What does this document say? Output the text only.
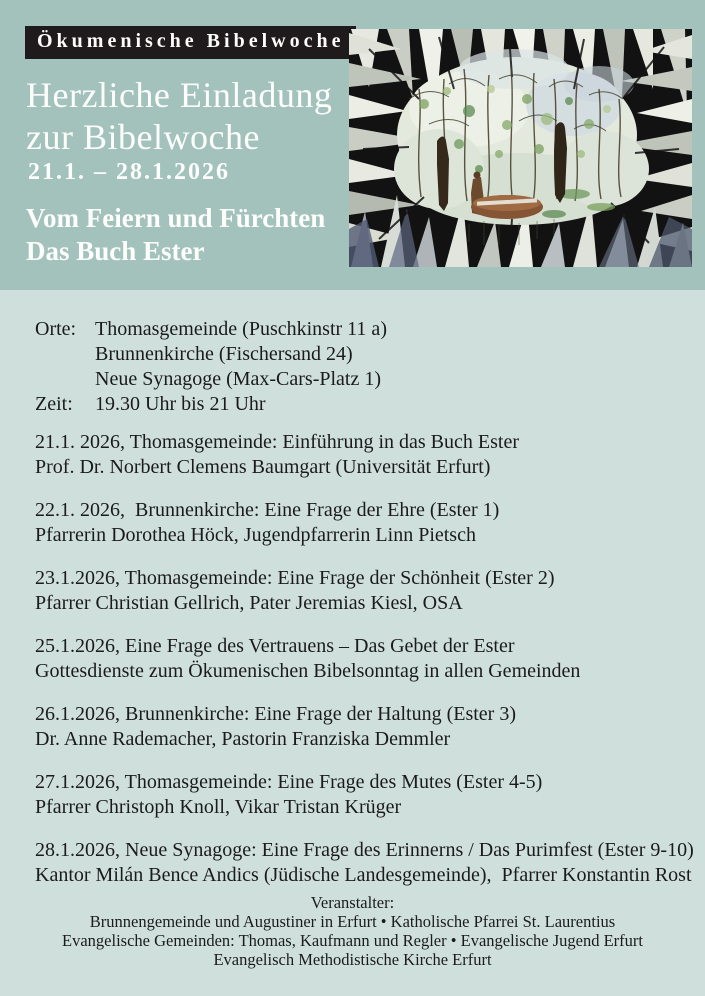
Ökumenische Bibelwoche
Herzliche Einladung
zur Bibelwoche
21.1. – 28.1.2026
Vom Feiern und Fürchten
Das Buch Ester
Orte: Thomasgemeinde (Puschkinstr 11 a)
Brunnenkirche (Fischersand 24)
Neue Synagoge (Max-Cars-Platz 1)
Zeit:	19.30 Uhr bis 21 Uhr
21.1. 2026, Thomasgemeinde: Einführung in das Buch Ester
Prof. Dr. Norbert Clemens Baumgart (Universität Erfurt)
22.1. 2026,  Brunnenkirche: Eine Frage der Ehre (Ester 1)
Pfarrerin Dorothea Höck, Jugendpfarrerin Linn Pietsch
23.1.2026, Thomasgemeinde: Eine Frage der Schönheit (Ester 2)
Pfarrer Christian Gellrich, Pater Jeremias Kiesl, OSA
25.1.2026, Eine Frage des Vertrauens – Das Gebet der Ester
Gottesdienste zum Ökumenischen Bibelsonntag in allen Gemeinden
26.1.2026, Brunnenkirche: Eine Frage der Haltung (Ester 3)
Dr. Anne Rademacher, Pastorin Franziska Demmler
27.1.2026, Thomasgemeinde: Eine Frage des Mutes (Ester 4-5)
Pfarrer Christoph Knoll, Vikar Tristan Krüger
28.1.2026, Neue Synagoge: Eine Frage des Erinnerns / Das Purimfest (Ester 9-10)
Kantor Milán Bence Andics (Jüdische Landesgemeinde),  Pfarrer Konstantin Rost
Veranstalter:
Brunnengemeinde und Augustiner in Erfurt • Katholische Pfarrei St. Laurentius
Evangelische Gemeinden: Thomas, Kaufmann und Regler • Evangelische Jugend Erfurt
Evangelisch Methodistische Kirche Erfurt
